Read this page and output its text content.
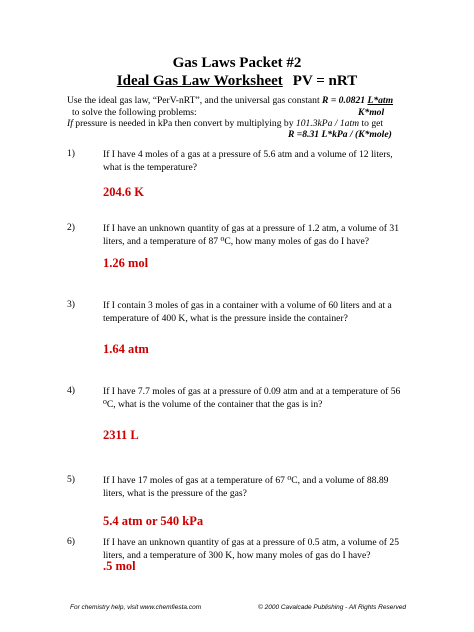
Gas Laws Packet #2
Ideal Gas Law Worksheet PV = nRT
Use the ideal gas law, “PerV-nRT”, and the universal gas constant R = 0.0821 L*atm
to solve the following problems:	K*mol
If pressure is needed in kPa then convert by multiplying by 101.3kPa / 1atm to get
R =8.31 L*kPa / (K*mole)
1)	If I have 4 moles of a gas at a pressure of 5.6 atm and a volume of 12 liters, what is the temperature?
204.6 K
2)	If I have an unknown quantity of gas at a pressure of 1.2 atm, a volume of 31 liters, and a temperature of 87 ⁰C, how many moles of gas do I have?
1.26 mol
3)	If I contain 3 moles of gas in a container with a volume of 60 liters and at a temperature of 400 K, what is the pressure inside the container?
1.64 atm
4)	If I have 7.7 moles of gas at a pressure of 0.09 atm and at a temperature of 56 ⁰C, what is the volume of the container that the gas is in?
2311 L
5)	If I have 17 moles of gas at a temperature of 67 ⁰C, and a volume of 88.89 liters, what is the pressure of the gas?
5.4 atm or 540 kPa
6)	If I have an unknown quantity of gas at a pressure of 0.5 atm, a volume of 25 liters, and a temperature of 300 K, how many moles of gas do I have?
.5 mol
For chemistry help, visit www.chemfiesta.com	© 2000 Cavalcade Publishing - All Rights Reserved
